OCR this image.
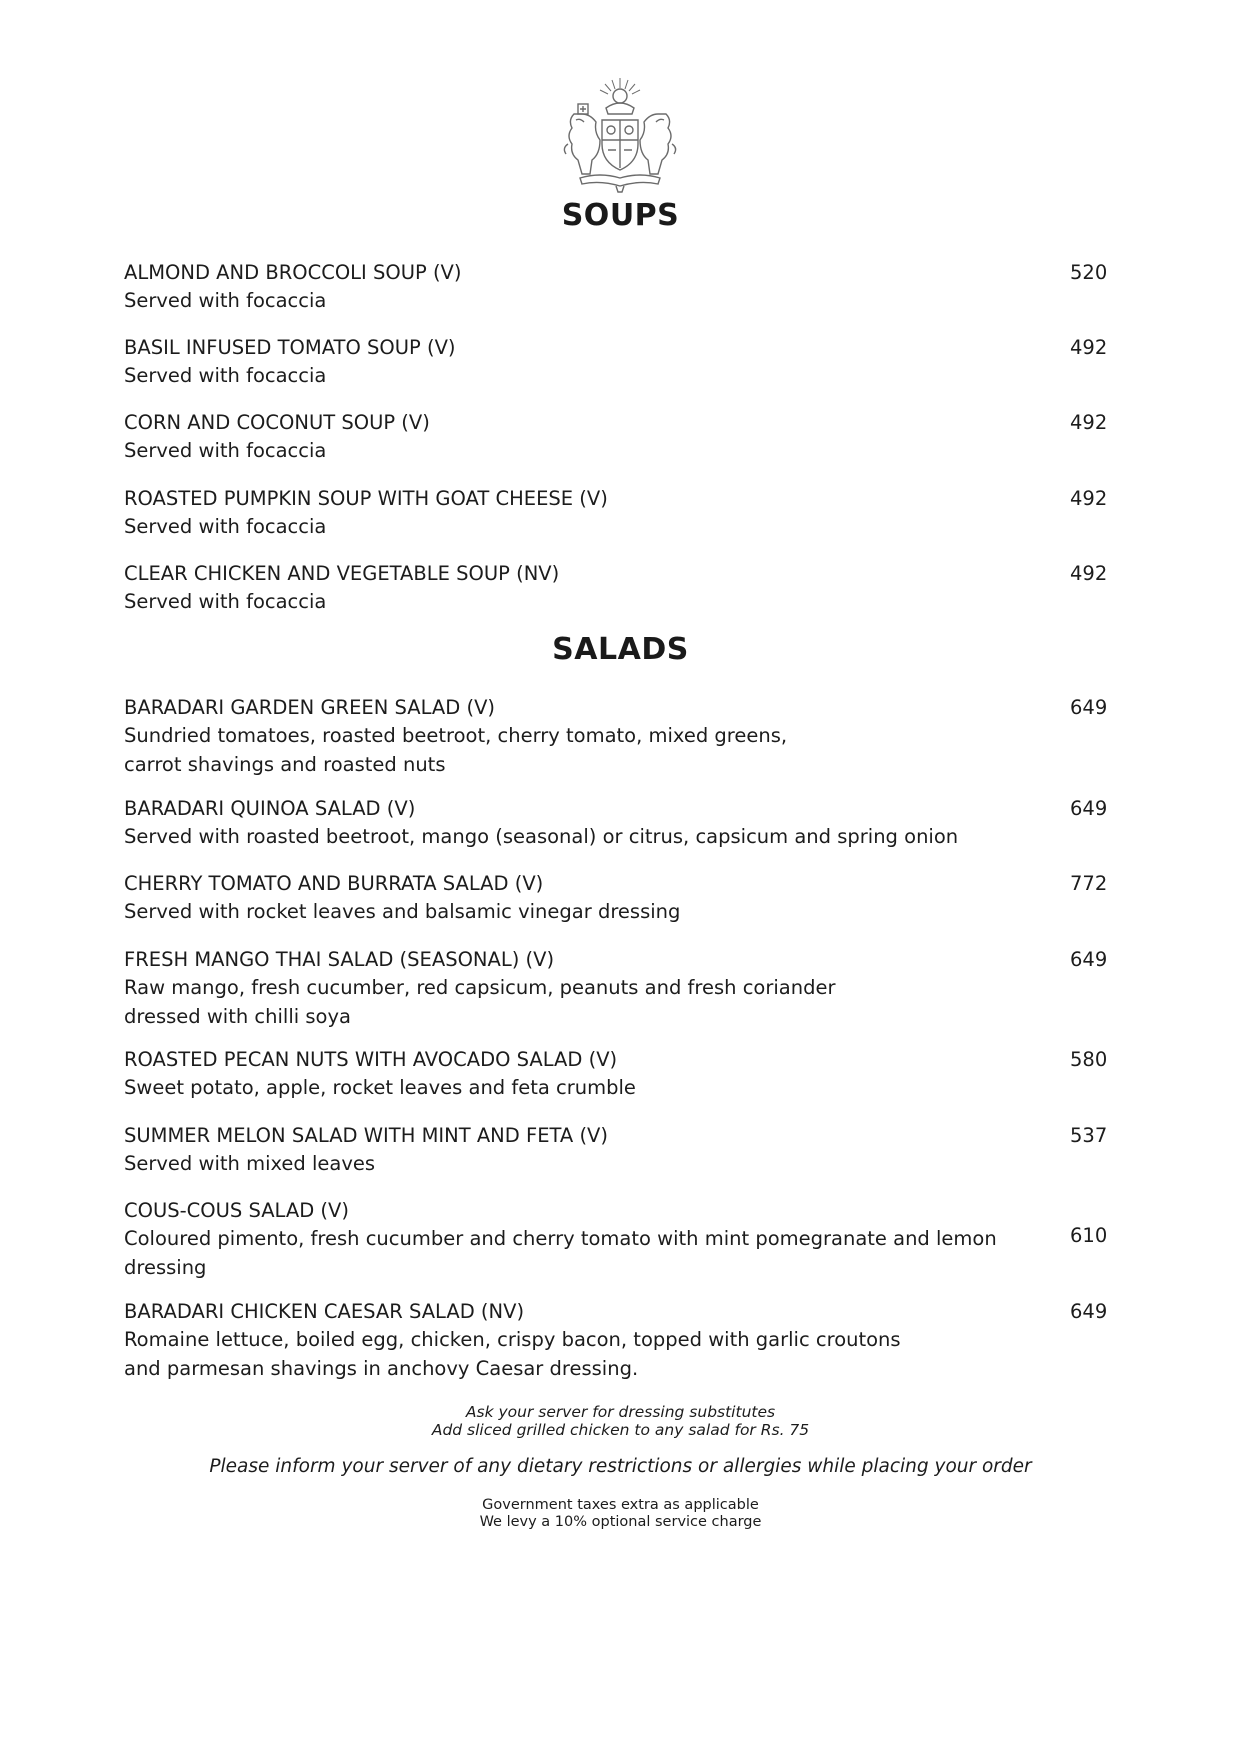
SOUPS
ALMOND AND BROCCOLI SOUP (V)
Served with focaccia
520
BASIL INFUSED TOMATO SOUP (V)
Served with focaccia
492
CORN AND COCONUT SOUP (V)
Served with focaccia
492
ROASTED PUMPKIN SOUP WITH GOAT CHEESE (V)
Served with focaccia
492
CLEAR CHICKEN AND VEGETABLE SOUP (NV)
Served with focaccia
492
SALADS
BARADARI GARDEN GREEN SALAD (V)
Sundried tomatoes, roasted beetroot, cherry tomato, mixed greens,
carrot shavings and roasted nuts
649
BARADARI QUINOA SALAD (V)
Served with roasted beetroot, mango (seasonal) or citrus, capsicum and spring onion
649
CHERRY TOMATO AND BURRATA SALAD (V)
Served with rocket leaves and balsamic vinegar dressing
772
FRESH MANGO THAI SALAD (SEASONAL) (V)
Raw mango, fresh cucumber, red capsicum, peanuts and fresh coriander
dressed with chilli soya
649
ROASTED PECAN NUTS WITH AVOCADO SALAD (V)
Sweet potato, apple, rocket leaves and feta crumble
580
SUMMER MELON SALAD WITH MINT AND FETA (V)
Served with mixed leaves
537
COUS-COUS SALAD (V)
Coloured pimento, fresh cucumber and cherry tomato with mint pomegranate and lemon
dressing
610
BARADARI CHICKEN CAESAR SALAD (NV)
Romaine lettuce, boiled egg, chicken, crispy bacon, topped with garlic croutons
and parmesan shavings in anchovy Caesar dressing.
649
Ask your server for dressing substitutes
Add sliced grilled chicken to any salad for Rs. 75
Please inform your server of any dietary restrictions or allergies while placing your order
Government taxes extra as applicable
We levy a 10% optional service charge
